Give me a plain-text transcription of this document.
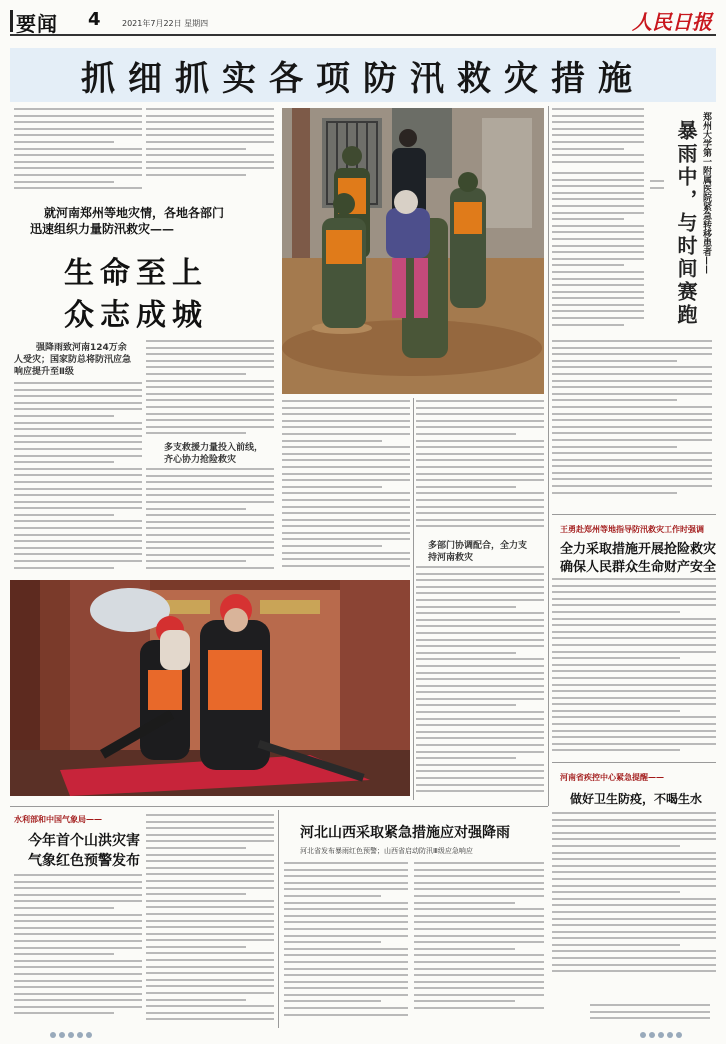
要闻 4	2021年7月22日 星期四	人民日报
抓细抓实各项防汛救灾措施
就河南郑州等地灾情，各地各部门
迅速组织力量防汛救灾——
生命至上
众志成城
郑州大学第一附属医院紧急转移患者——
暴雨中，与时间赛跑
强降雨致河南124万余
人受灾；国家防总将防汛应急
响应提升至Ⅱ级
多支救援力量投入前线，
齐心协力抢险救灾
多部门协调配合，全力支
持河南救灾
王勇赴郑州等地指导防汛救灾工作时强调
全力采取措施开展抢险救灾
确保人民群众生命财产安全
河南省疾控中心紧急提醒——
做好卫生防疫，不喝生水
水利部和中国气象局——
今年首个山洪灾害
气象红色预警发布
河北山西采取紧急措施应对强降雨
河北省发布暴雨红色预警；山西省启动防汛Ⅲ级应急响应
